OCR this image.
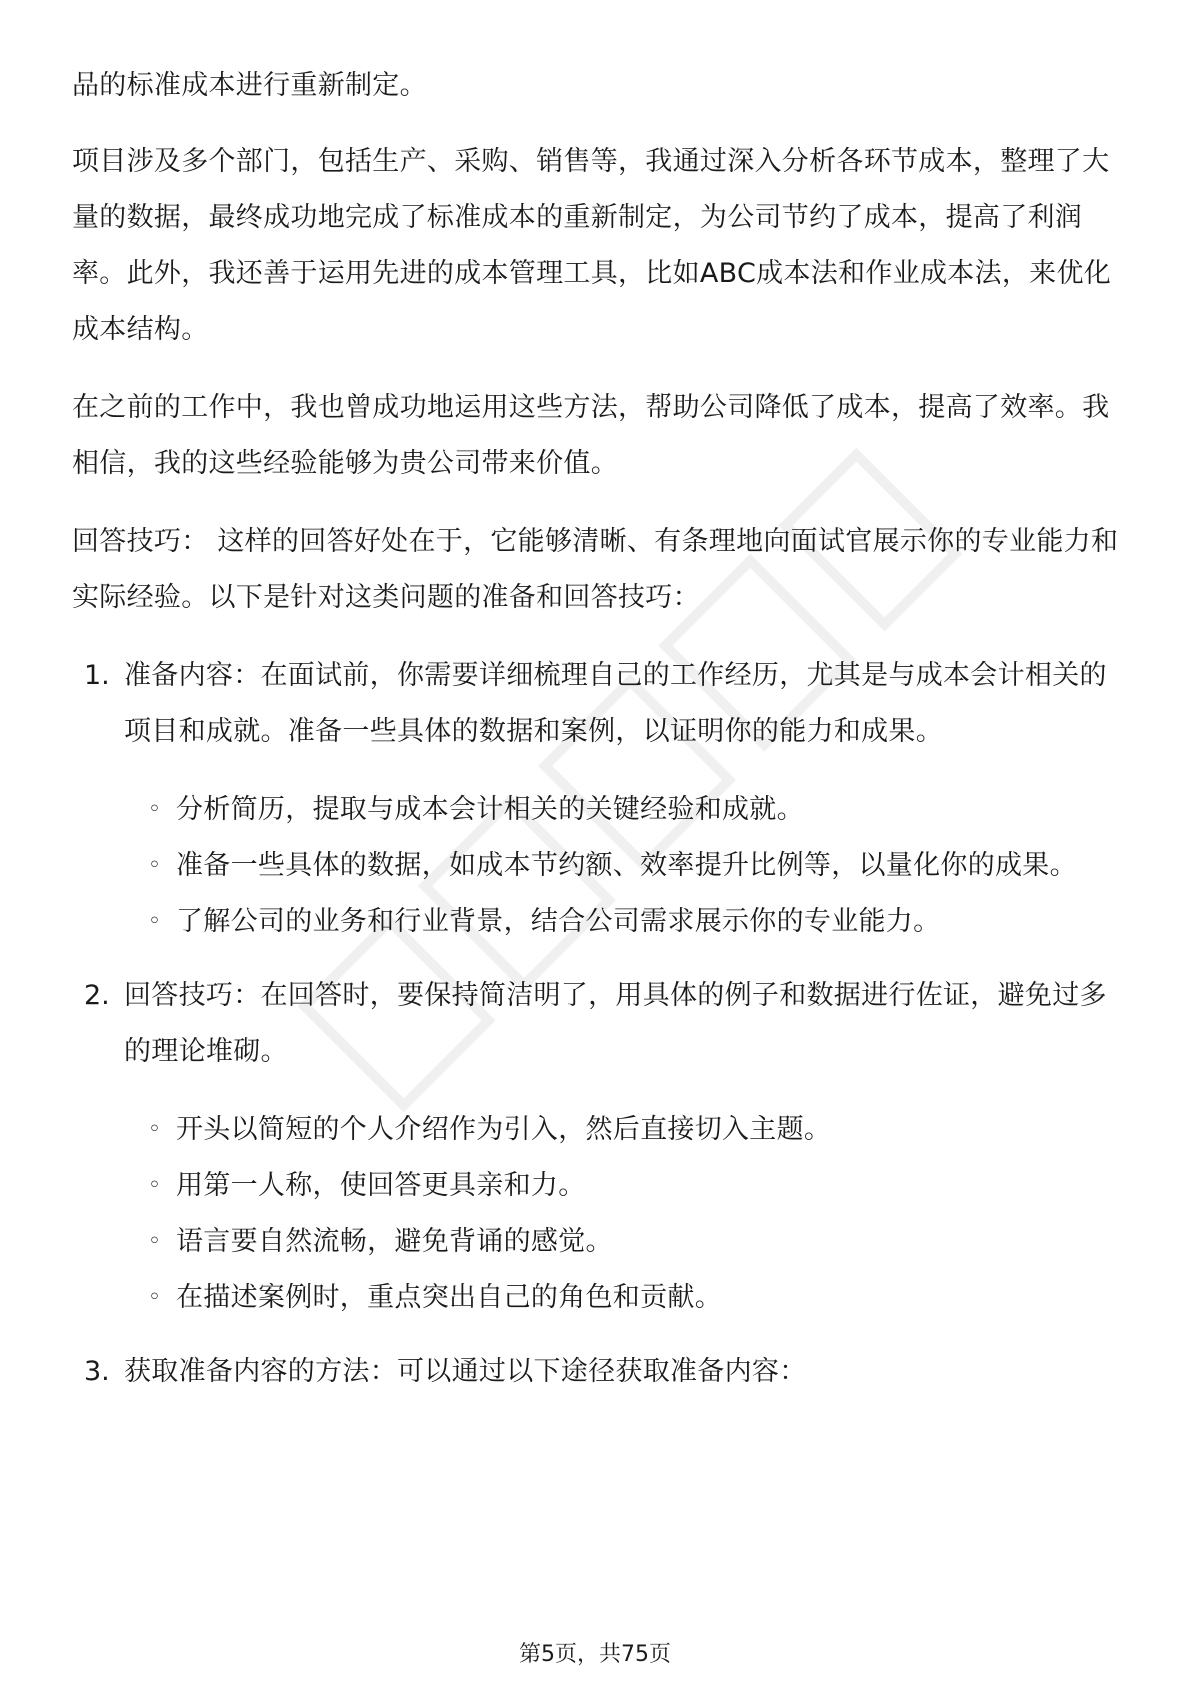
品的标准成本进行重新制定。

项目涉及多个部门，包括生产、采购、销售等，我通过深入分析各环节成本，整理了大量的数据，最终成功地完成了标准成本的重新制定，为公司节约了成本，提高了利润率。此外，我还善于运用先进的成本管理工具，比如ABC成本法和作业成本法，来优化成本结构。

在之前的工作中，我也曾成功地运用这些方法，帮助公司降低了成本，提高了效率。我相信，我的这些经验能够为贵公司带来价值。

回答技巧： 这样的回答好处在于，它能够清晰、有条理地向面试官展示你的专业能力和实际经验。以下是针对这类问题的准备和回答技巧：

1. 准备内容：在面试前，你需要详细梳理自己的工作经历，尤其是与成本会计相关的项目和成就。准备一些具体的数据和案例，以证明你的能力和成果。
◦ 分析简历，提取与成本会计相关的关键经验和成就。
◦ 准备一些具体的数据，如成本节约额、效率提升比例等，以量化你的成果。
◦ 了解公司的业务和行业背景，结合公司需求展示你的专业能力。
2. 回答技巧：在回答时，要保持简洁明了，用具体的例子和数据进行佐证，避免过多的理论堆砌。
◦ 开头以简短的个人介绍作为引入，然后直接切入主题。
◦ 用第一人称，使回答更具亲和力。
◦ 语言要自然流畅，避免背诵的感觉。
◦ 在描述案例时，重点突出自己的角色和贡献。
3. 获取准备内容的方法：可以通过以下途径获取准备内容：
第5页，共75页
